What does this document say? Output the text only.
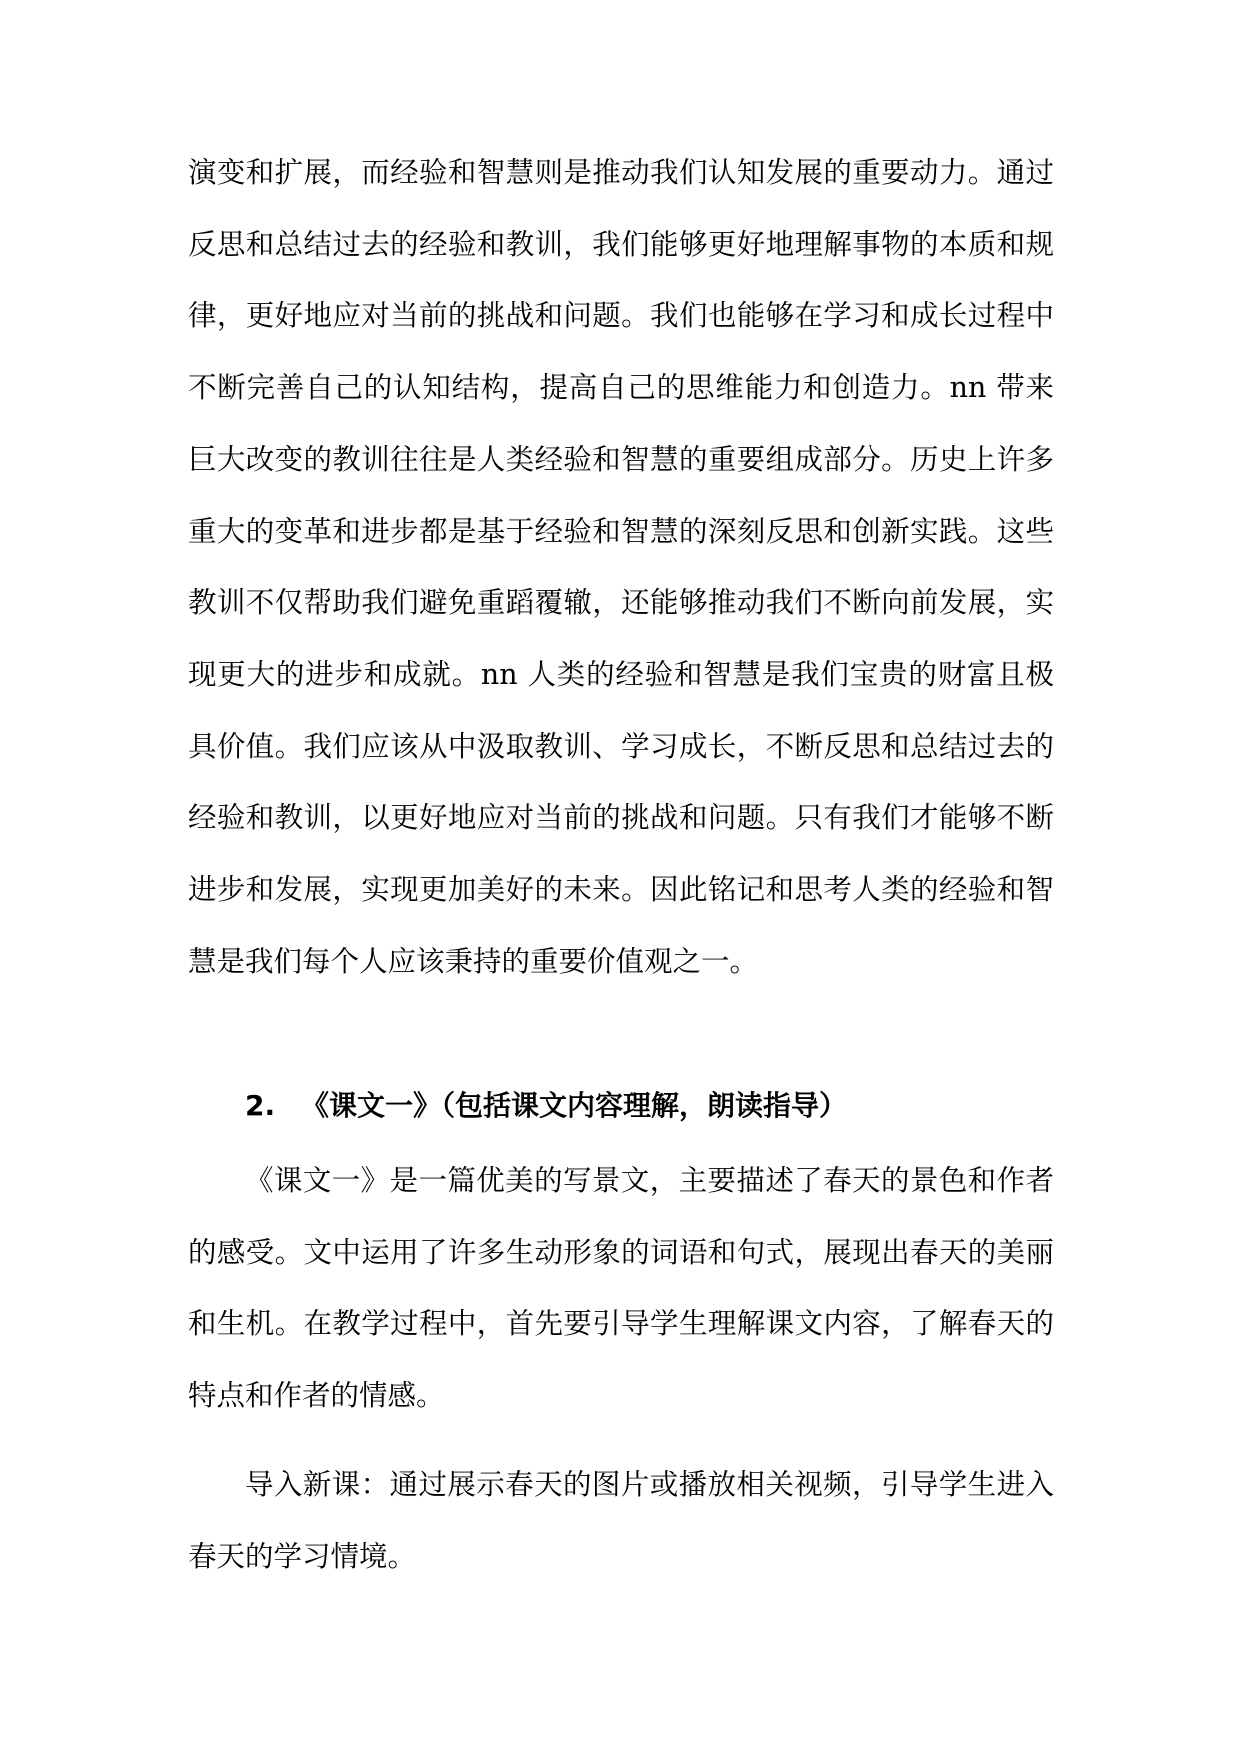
演变和扩展，而经验和智慧则是推动我们认知发展的重要动力。通过反思和总结过去的经验和教训，我们能够更好地理解事物的本质和规律，更好地应对当前的挑战和问题。我们也能够在学习和成长过程中不断完善自己的认知结构，提高自己的思维能力和创造力。nn 带来巨大改变的教训往往是人类经验和智慧的重要组成部分。历史上许多重大的变革和进步都是基于经验和智慧的深刻反思和创新实践。这些教训不仅帮助我们避免重蹈覆辙，还能够推动我们不断向前发展，实现更大的进步和成就。nn 人类的经验和智慧是我们宝贵的财富且极具价值。我们应该从中汲取教训、学习成长，不断反思和总结过去的经验和教训，以更好地应对当前的挑战和问题。只有我们才能够不断进步和发展，实现更加美好的未来。因此铭记和思考人类的经验和智慧是我们每个人应该秉持的重要价值观之一。

2. 《课文一》（包括课文内容理解，朗读指导）

《课文一》是一篇优美的写景文，主要描述了春天的景色和作者的感受。文中运用了许多生动形象的词语和句式，展现出春天的美丽和生机。在教学过程中，首先要引导学生理解课文内容，了解春天的特点和作者的情感。

导入新课：通过展示春天的图片或播放相关视频，引导学生进入春天的学习情境。
